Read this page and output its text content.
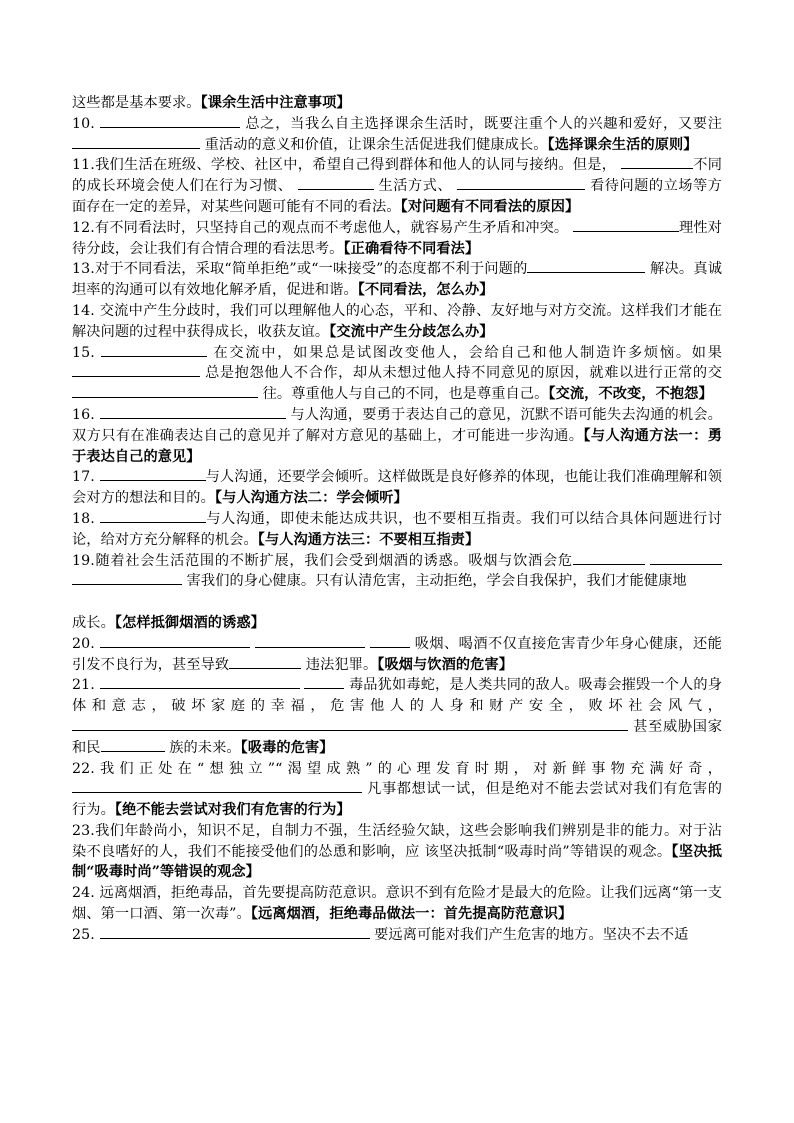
这些都是基本要求。【课余生活中注意事项】
10.	总之，当我么自主选择课余生活时，既要注重个人的兴趣和爱好，又要注 重活动的意义和价值，让课余生活促进我们健康成长。【选择课余生活的原则】
11.我们生活在班级、学校、社区中，希望自己得到群体和他人的认同与接纳。但是，	不同的成长环境会使人们在行为习惯、	生活方式、	看待问题的立场等方面存在一定的差异，对某些问题可能有不同的看法。【对问题有不同看法的原因】
12.有不同看法时，只坚持自己的观点而不考虑他人，就容易产生矛盾和冲突。	理性对待分歧，会让我们有合情合理的看法思考。【正确看待不同看法】
13.对于不同看法，采取“简单拒绝”或“一味接受”的态度都不利于问题的	解决。真诚坦率的沟通可以有效地化解矛盾，促进和谐。【不同看法，怎么办】
14. 交流中产生分歧时，我们可以理解他人的心态，平和、冷静、友好地与对方交流。这样我们才能在解决问题的过程中获得成长，收获友谊。【交流中产生分歧怎么办】
15.	在交流中，如果总是试图改变他人，会给自己和他人制造许多烦恼。如果  总是抱怨他人不合作，却从未想过他人持不同意见的原因，就难以进行正常的交 往。尊重他人与自己的不同，也是尊重自己。【交流，不改变，不抱怨】
16.	与人沟通，要勇于表达自己的意见，沉默不语可能失去沟通的机会。双方只有在准确表达自己的意见并了解对方意见的基础上，才可能进一步沟通。【与人沟通方法一：勇于表达自己的意见】
17.	与人沟通，还要学会倾听。这样做既是良好修养的体现，也能让我们准确理解和领会对方的想法和目的。【与人沟通方法二：学会倾听】
18.	与人沟通，即使未能达成共识，也不要相互指责。我们可以结合具体问题进行讨论，给对方充分解释的机会。【与人沟通方法三：不要相互指责】
19.随着社会生活范围的不断扩展，我们会受到烟酒的诱惑。吸烟与饮酒会危   害我们的身心健康。只有认清危害，主动拒绝，学会自我保护，我们才能健康地
成长。【怎样抵御烟酒的诱惑】
20.	吸烟、喝酒不仅直接危害青少年身心健康，还能引发不良行为，甚至导致	违法犯罪。【吸烟与饮酒的危害】
21.	毒品犹如毒蛇，是人类共同的敌人。吸毒会摧毁一个人的身体和意志，破坏家庭的幸福，危害他人的人身和财产安全，败坏社会风气，  甚至威胁国家和民	族的未来。【吸毒的危害】
22.我们正处在“想独立”“渴望成熟”的心理发育时期，对新鲜事物充满好奇，  凡事都想试一试，但是绝对不能去尝试对我们有危害的行为。【绝不能去尝试对我们有危害的行为】
23.我们年龄尚小，知识不足，自制力不强，生活经验欠缺，这些会影响我们辨别是非的能力。对于沾染不良嗜好的人，我们不能接受他们的怂恿和影响，应 该坚决抵制“吸毒时尚”等错误的观念。【坚决抵制“吸毒时尚”等错误的观念】
24. 远离烟酒，拒绝毒品，首先要提高防范意识。意识不到有危险才是最大的危险。让我们远离“第一支烟、第一口酒、第一次毒”。【远离烟酒，拒绝毒品做法一：首先提高防范意识】
25.	要远离可能对我们产生危害的地方。坚决不去不适
